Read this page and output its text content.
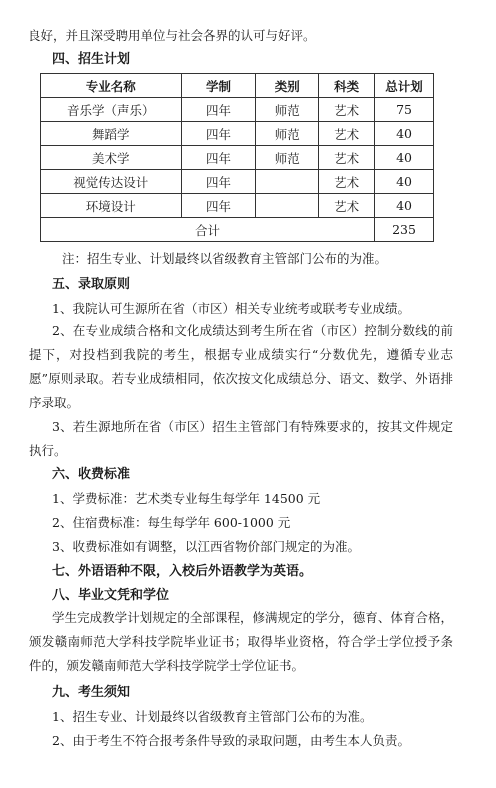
良好，并且深受聘用单位与社会各界的认可与好评。
四、招生计划
专业名称	学制	类别	科类	总计划
音乐学（声乐）	四年	师范	艺术	75
舞蹈学	四年	师范	艺术	40
美术学	四年	师范	艺术	40
视觉传达设计	四年		艺术	40
环境设计	四年		艺术	40
合计				235
注：招生专业、计划最终以省级教育主管部门公布的为准。
五、录取原则
1、我院认可生源所在省（市区）相关专业统考或联考专业成绩。
2、在专业成绩合格和文化成绩达到考生所在省（市区）控制分数线的前提下，对投档到我院的考生，根据专业成绩实行“分数优先，遵循专业志愿”原则录取。若专业成绩相同，依次按文化成绩总分、语文、数学、外语排序录取。
3、若生源地所在省（市区）招生主管部门有特殊要求的，按其文件规定执行。
六、收费标准
1、学费标准：艺术类专业每生每学年 14500 元
2、住宿费标准：每生每学年 600-1000 元
3、收费标准如有调整，以江西省物价部门规定的为准。
七、外语语种不限，入校后外语教学为英语。
八、毕业文凭和学位
学生完成教学计划规定的全部课程，修满规定的学分，德育、体育合格，颁发赣南师范大学科技学院毕业证书；取得毕业资格，符合学士学位授予条件的，颁发赣南师范大学科技学院学士学位证书。
九、考生须知
1、招生专业、计划最终以省级教育主管部门公布的为准。
2、由于考生不符合报考条件导致的录取问题，由考生本人负责。
